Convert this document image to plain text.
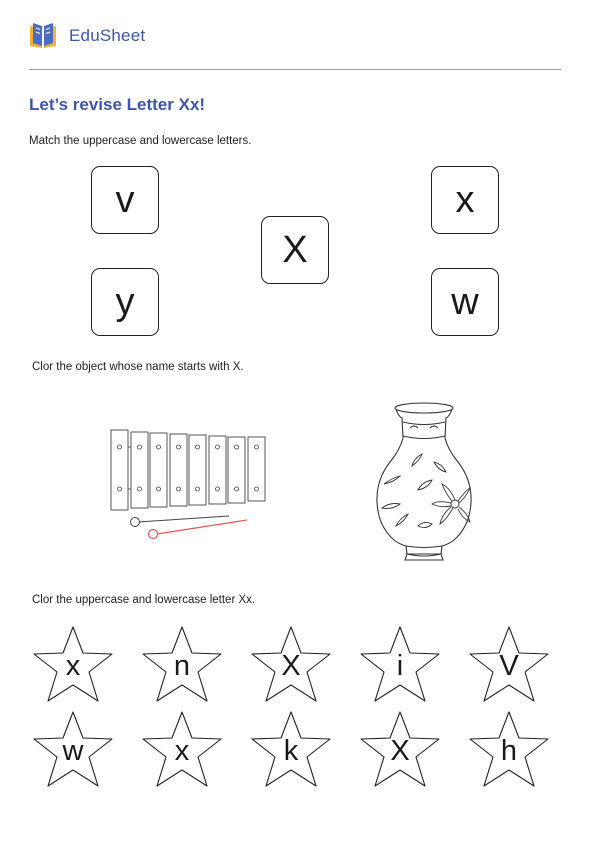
EduSheet
Let’s revise Letter Xx!
Match the uppercase and lowercase letters.
v
y
X
x
w
Clor the object whose name starts with X.
Clor the uppercase and lowercase letter Xx.
x	n	X	i	V
w	x	k	X	h
